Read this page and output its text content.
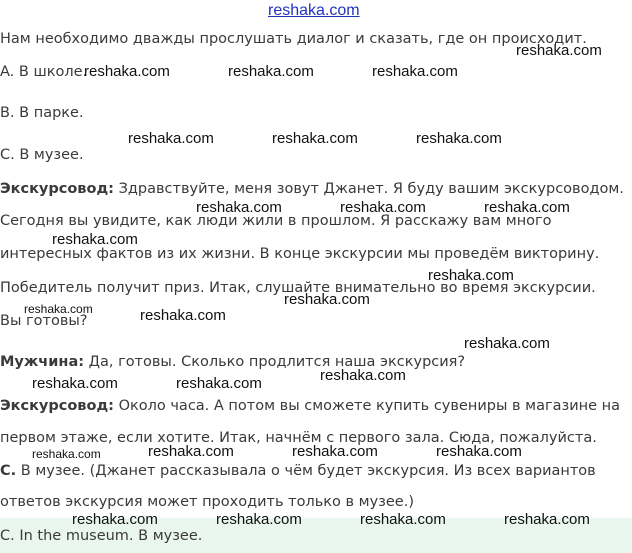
reshaka.com
Нам необходимо дважды прослушать диалог и сказать, где он происходит.
A. В школе.
B. В парке.
C. В музее.
Экскурсовод: Здравствуйте, меня зовут Джанет. Я буду вашим экскурсоводом.
Сегодня вы увидите, как люди жили в прошлом. Я расскажу вам много
интересных фактов из их жизни. В конце экскурсии мы проведём викторину.
Победитель получит приз. Итак, слушайте внимательно во время экскурсии.
Вы готовы?
Мужчина: Да, готовы. Сколько продлится наша экскурсия?
Экскурсовод: Около часа. А потом вы сможете купить сувениры в магазине на
первом этаже, если хотите. Итак, начнём с первого зала. Сюда, пожалуйста.
C. В музее. (Джанет рассказывала о чём будет экскурсия. Из всех вариантов
ответов экскурсия может проходить только в музее.)
C. In the museum. В музее.
reshaka.com
reshaka.com	reshaka.com	reshaka.com
reshaka.com	reshaka.com	reshaka.com
reshaka.com	reshaka.com	reshaka.com
reshaka.com
reshaka.com
reshaka.com
reshaka.com	reshaka.com
reshaka.com
reshaka.com
reshaka.com	reshaka.com
reshaka.com	reshaka.com	reshaka.com	reshaka.com
reshaka.com	reshaka.com	reshaka.com	reshaka.com
